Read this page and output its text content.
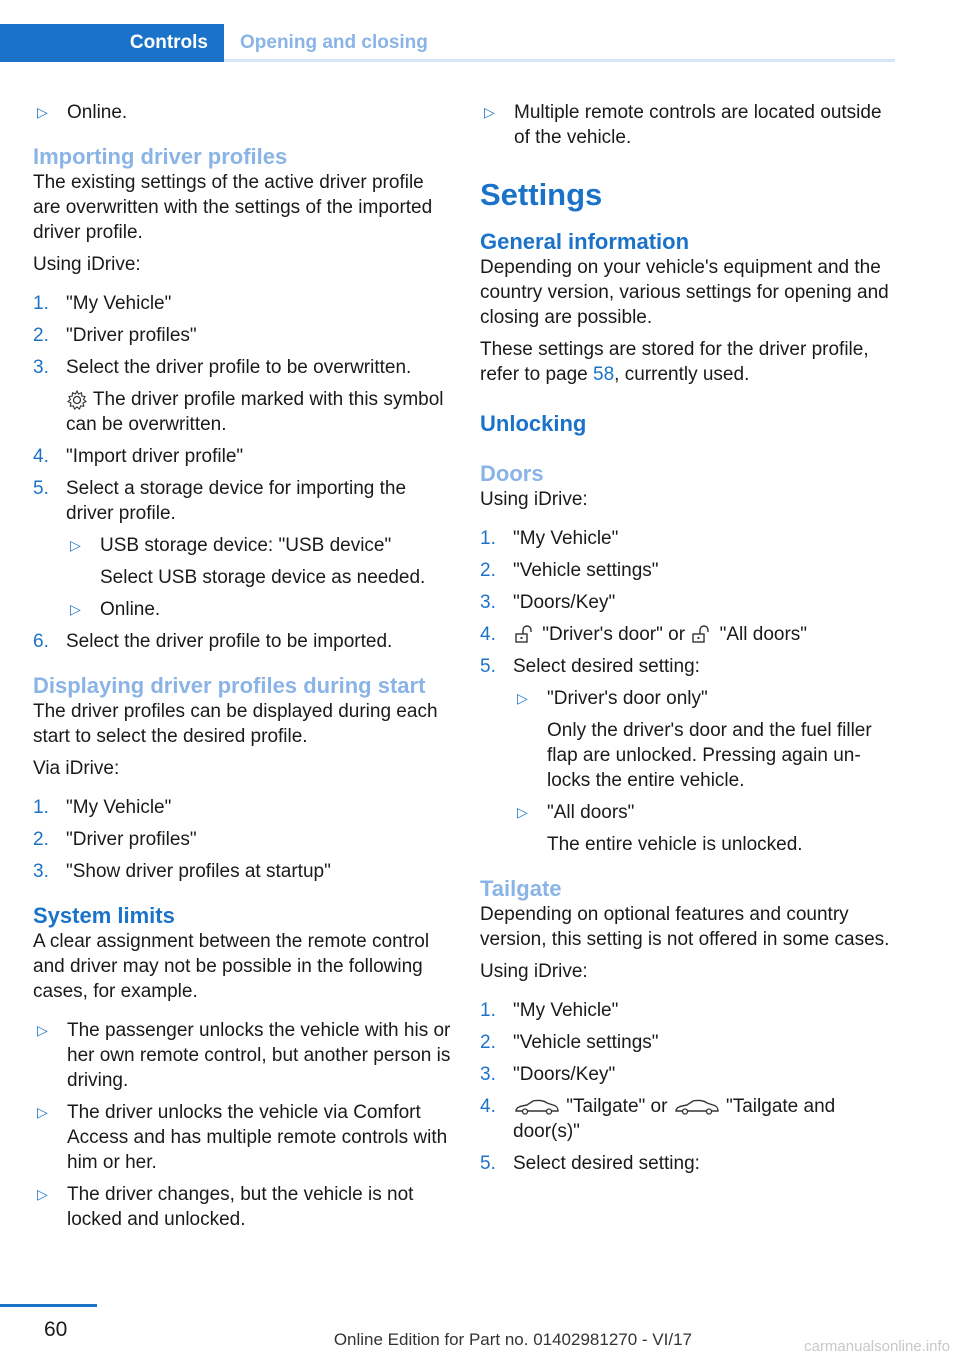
Controls Opening and closing
▷ Online.
Importing driver profiles

The existing settings of the active driver profile are overwritten with the settings of the imported driver profile.

Using iDrive:

1. "My Vehicle"
2. "Driver profiles"
3. Select the driver profile to be overwritten.
The driver profile marked with this symbol can be overwritten.
4. "Import driver profile"
5. Select a storage device for importing the driver profile.
▷ USB storage device: "USB device"
Select USB storage device as needed.
▷ Online.
6. Select the driver profile to be imported.
Displaying driver profiles during start

The driver profiles can be displayed during each start to select the desired profile.

Via iDrive:

1. "My Vehicle"
2. "Driver profiles"
3. "Show driver profiles at startup"
System limits

A clear assignment between the remote control and driver may not be possible in the following cases, for example.

▷ The passenger unlocks the vehicle with his or her own remote control, but another person is driving.
▷ The driver unlocks the vehicle via Comfort Access and has multiple remote controls with him or her.
▷ The driver changes, but the vehicle is not locked and unlocked.
▷ Multiple remote controls are located outside of the vehicle.
Settings
General information

Depending on your vehicle's equipment and the country version, various settings for opening and closing are possible.

These settings are stored for the driver profile, refer to page 58, currently used.

Unlocking
Doors

Using iDrive:

1. "My Vehicle"
2. "Vehicle settings"
3. "Doors/Key"
4. "Driver's door" or  "All doors"
5. Select desired setting:
▷ "Driver's door only"
Only the driver's door and the fuel filler flap are unlocked. Pressing again unlocks the entire vehicle.
▷ "All doors"
The entire vehicle is unlocked.
Tailgate

Depending on optional features and country version, this setting is not offered in some cases.

Using iDrive:

1. "My Vehicle"
2. "Vehicle settings"
3. "Doors/Key"
4.	"Tailgate" or	"Tailgate and door(s)"
5. Select desired setting:
60	Online Edition for Part no. 01402981270 - VI/17	carmanualsonline.info
